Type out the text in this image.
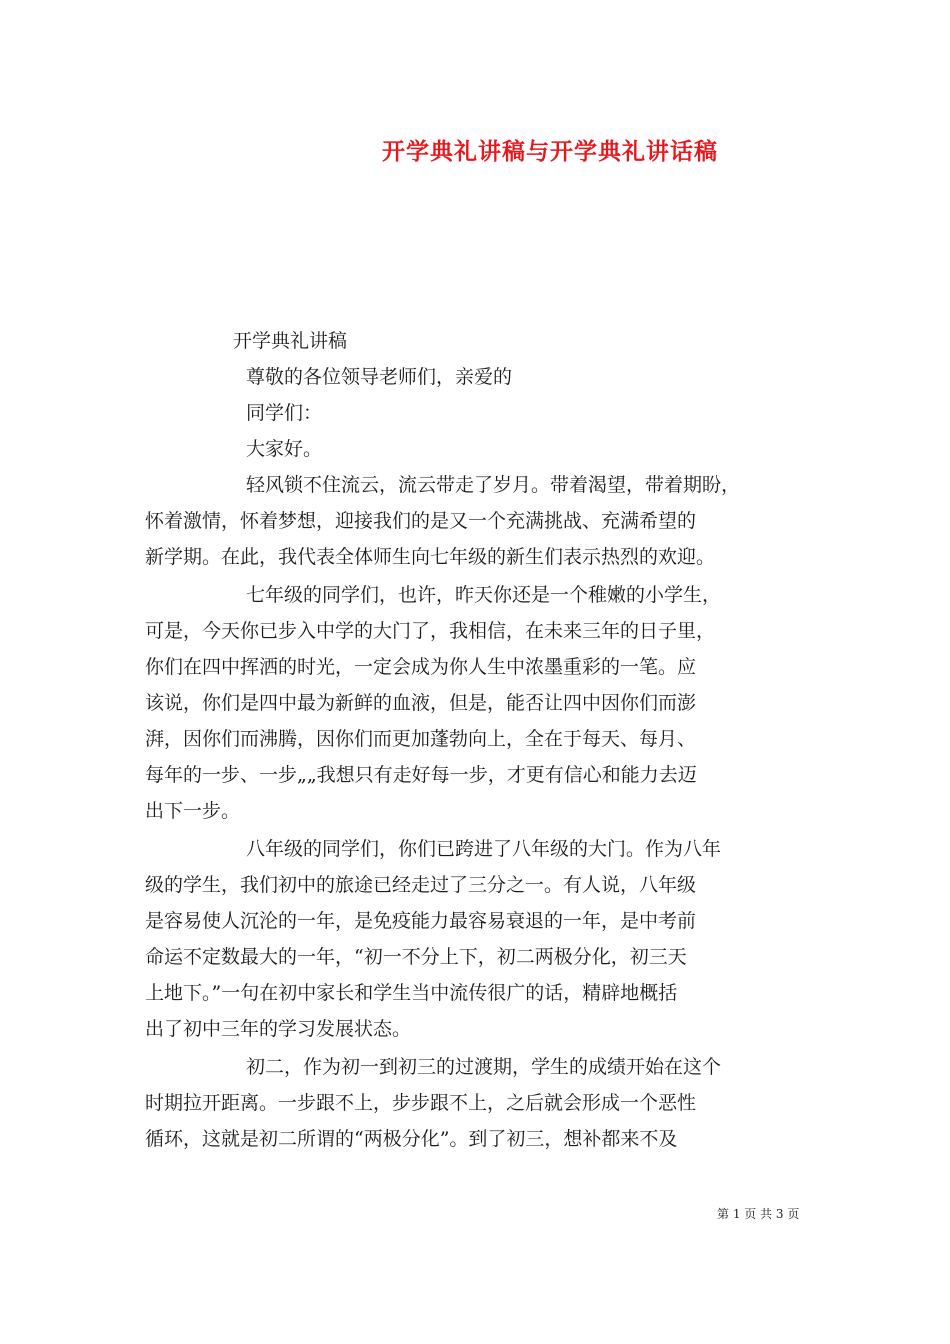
开学典礼讲稿与开学典礼讲话稿
开学典礼讲稿
尊敬的各位领导老师们，亲爱的
同学们：
大家好。
轻风锁不住流云，流云带走了岁月。带着渴望，带着期盼，
怀着激情，怀着梦想，迎接我们的是又一个充满挑战、充满希望的
新学期。在此，我代表全体师生向七年级的新生们表示热烈的欢迎。
七年级的同学们，也许，昨天你还是一个稚嫩的小学生，
可是，今天你已步入中学的大门了，我相信，在未来三年的日子里，
你们在四中挥洒的时光，一定会成为你人生中浓墨重彩的一笔。应
该说，你们是四中最为新鲜的血液，但是，能否让四中因你们而澎
湃，因你们而沸腾，因你们而更加蓬勃向上，全在于每天、每月、
每年的一步、一步„„我想只有走好每一步，才更有信心和能力去迈
出下一步。
八年级的同学们，你们已跨进了八年级的大门。作为八年
级的学生，我们初中的旅途已经走过了三分之一。有人说，八年级
是容易使人沉沦的一年，是免疫能力最容易衰退的一年，是中考前
命运不定数最大的一年，“初一不分上下，初二两极分化，初三天
上地下。”一句在初中家长和学生当中流传很广的话，精辟地概括
出了初中三年的学习发展状态。
初二，作为初一到初三的过渡期，学生的成绩开始在这个
时期拉开距离。一步跟不上，步步跟不上，之后就会形成一个恶性
循环，这就是初二所谓的“两极分化”。到了初三，想补都来不及
第 1 页 共 3 页
